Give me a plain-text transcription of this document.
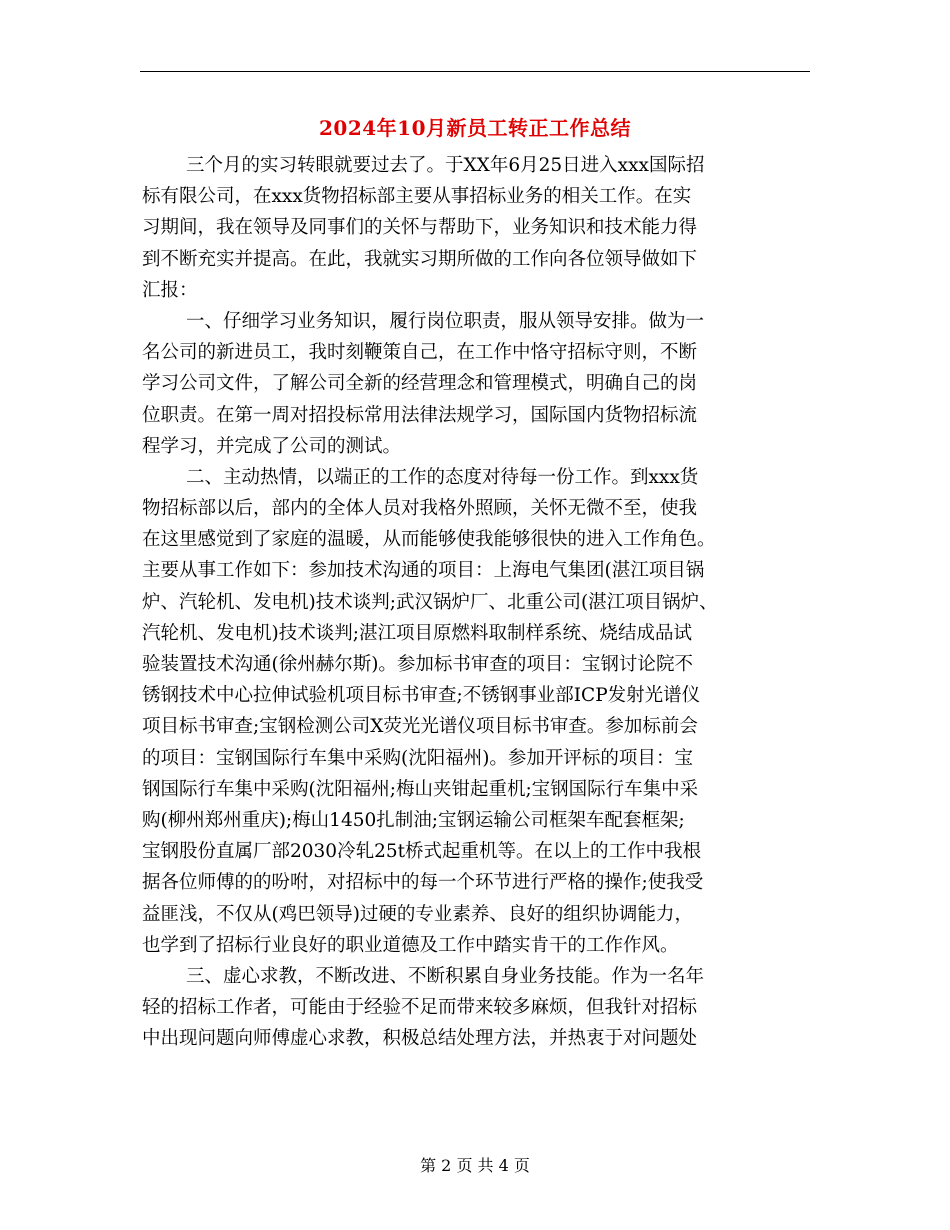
2024年10月新员工转正工作总结
三个月的实习转眼就要过去了。于XX年6月25日进入xxx国际招
标有限公司，在xxx货物招标部主要从事招标业务的相关工作。在实
习期间，我在领导及同事们的关怀与帮助下，业务知识和技术能力得
到不断充实并提高。在此，我就实习期所做的工作向各位领导做如下
汇报：
一、仔细学习业务知识，履行岗位职责，服从领导安排。做为一
名公司的新进员工，我时刻鞭策自己，在工作中恪守招标守则，不断
学习公司文件，了解公司全新的经营理念和管理模式，明确自己的岗
位职责。在第一周对招投标常用法律法规学习，国际国内货物招标流
程学习，并完成了公司的测试。
二、主动热情，以端正的工作的态度对待每一份工作。到xxx货
物招标部以后，部内的全体人员对我格外照顾，关怀无微不至，使我
在这里感觉到了家庭的温暖，从而能够使我能够很快的进入工作角色。
主要从事工作如下：参加技术沟通的项目：上海电气集团(湛江项目锅
炉、汽轮机、发电机)技术谈判;武汉锅炉厂、北重公司(湛江项目锅炉、
汽轮机、发电机)技术谈判;湛江项目原燃料取制样系统、烧结成品试
验装置技术沟通(徐州赫尔斯)。参加标书审查的项目：宝钢讨论院不
锈钢技术中心拉伸试验机项目标书审查;不锈钢事业部ICP发射光谱仪
项目标书审查;宝钢检测公司X荧光光谱仪项目标书审查。参加标前会
的项目：宝钢国际行车集中采购(沈阳福州)。参加开评标的项目：宝
钢国际行车集中采购(沈阳福州;梅山夹钳起重机;宝钢国际行车集中采
购(柳州郑州重庆);梅山1450扎制油;宝钢运输公司框架车配套框架;
宝钢股份直属厂部2030冷轧25t桥式起重机等。在以上的工作中我根
据各位师傅的的吩咐，对招标中的每一个环节进行严格的操作;使我受
益匪浅，不仅从(鸡巴领导)过硬的专业素养、良好的组织协调能力，
也学到了招标行业良好的职业道德及工作中踏实肯干的工作作风。
三、虚心求教，不断改进、不断积累自身业务技能。作为一名年
轻的招标工作者，可能由于经验不足而带来较多麻烦，但我针对招标
中出现问题向师傅虚心求教，积极总结处理方法，并热衷于对问题处
第 2 页 共 4 页
